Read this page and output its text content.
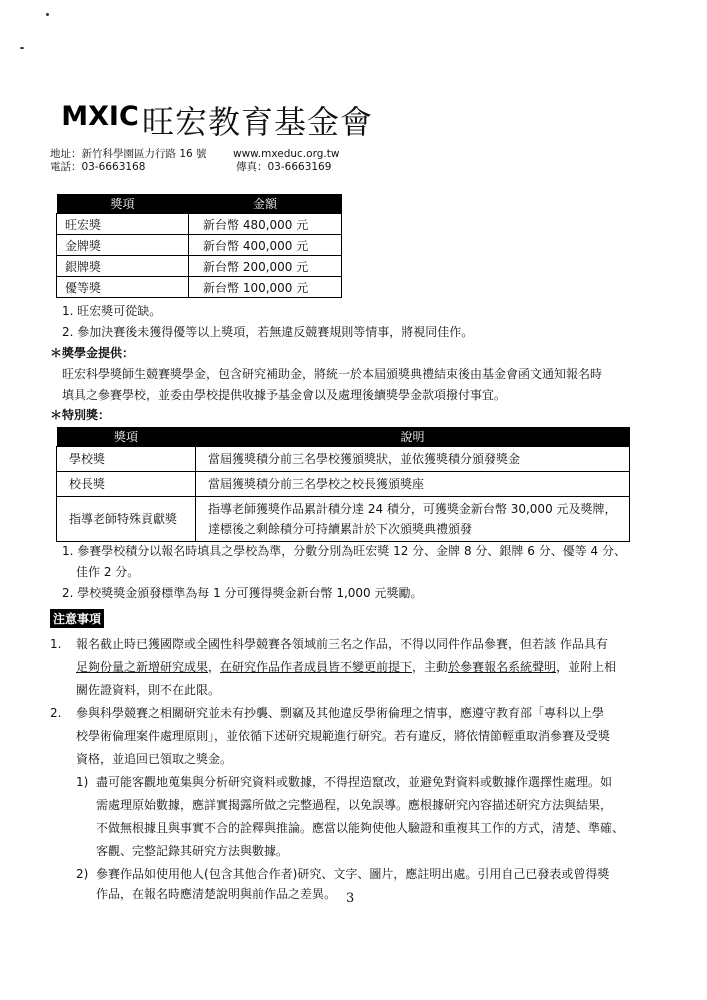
MXIC 旺宏教育基金會
地址：新竹科學園區力行路 16 號
電話：03-6663168
www.mxeduc.org.tw
傳真：03-6663169
獎項	金額
旺宏獎	新台幣 480,000 元
金牌獎	新台幣 400,000 元
銀牌獎	新台幣 200,000 元
優等獎	新台幣 100,000 元
1. 旺宏獎可從缺。
2. 參加決賽後未獲得優等以上獎項，若無違反競賽規則等情事，將視同佳作。
＊獎學金提供：
旺宏科學獎師生競賽獎學金，包含研究補助金，將統一於本屆頒獎典禮結束後由基金會函文通知報名時
填具之參賽學校，並委由學校提供收據予基金會以及處理後續獎學金款項撥付事宜。
＊特別獎：
獎項	說明
學校獎	當屆獲獎積分前三名學校獲頒獎狀，並依獲獎積分頒發獎金
校長獎	當屆獲獎積分前三名學校之校長獲頒獎座
指導老師特殊貢獻獎	指導老師獲獎作品累計積分達 24 積分，可獲獎金新台幣 30,000 元及獎牌，達標後之剩餘積分可持續累計於下次頒獎典禮頒發
1. 參賽學校積分以報名時填具之學校為準，分數分別為旺宏獎 12 分、金牌 8 分、銀牌 6 分、優等 4 分、
佳作 2 分。
2. 學校獎獎金頒發標準為每 1 分可獲得獎金新台幣 1,000 元獎勵。
注意事項
1. 報名截止時已獲國際或全國性科學競賽各領域前三名之作品，不得以同件作品參賽，但若該 作品具有
足夠份量之新增研究成果，在研究作品作者成員皆不變更前提下，主動於參賽報名系統聲明，並附上相
關佐證資料，則不在此限。
2. 參與科學競賽之相關研究並未有抄襲、剽竊及其他違反學術倫理之情事，應遵守教育部「專科以上學
校學術倫理案件處理原則」，並依循下述研究規範進行研究。若有違反，將依情節輕重取消參賽及受獎
資格，並追回已領取之獎金。
1) 盡可能客觀地蒐集與分析研究資料或數據，不得捏造竄改，並避免對資料或數據作選擇性處理。如
需處理原始數據，應詳實揭露所做之完整過程，以免誤導。應根據研究內容描述研究方法與結果，
不做無根據且與事實不合的詮釋與推論。應當以能夠使他人驗證和重複其工作的方式，清楚、準確、
客觀、完整記錄其研究方法與數據。
2) 參賽作品如使用他人(包含其他合作者)研究、文字、圖片，應註明出處。引用自己已發表或曾得獎
作品，在報名時應清楚說明與前作品之差異。 3
